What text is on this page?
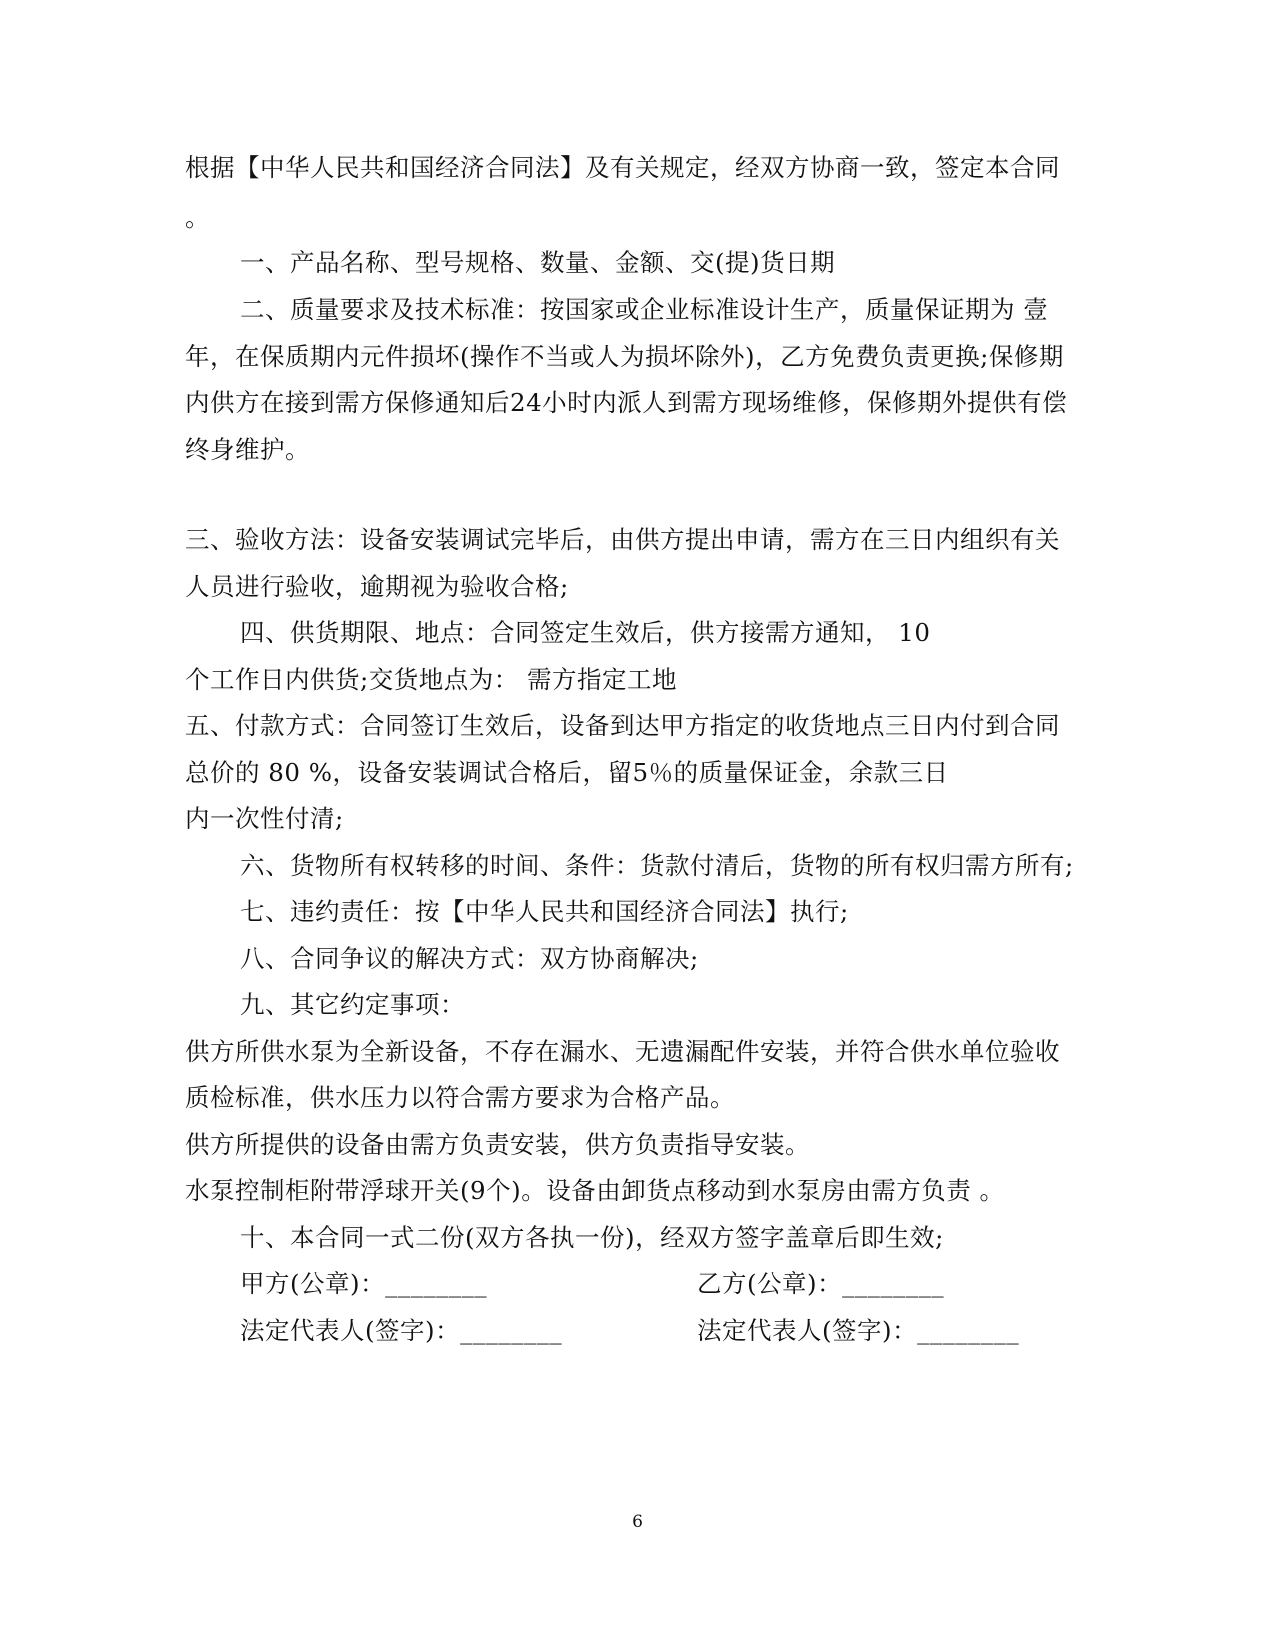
根据【中华人民共和国经济合同法】及有关规定，经双方协商一致，签定本合同
。
一、产品名称、型号规格、数量、金额、交(提)货日期
二、质量要求及技术标准：按国家或企业标准设计生产，质量保证期为 壹
年，在保质期内元件损坏(操作不当或人为损坏除外)，乙方免费负责更换;保修期
内供方在接到需方保修通知后24小时内派人到需方现场维修，保修期外提供有偿
终身维护。
三、验收方法：设备安装调试完毕后，由供方提出申请，需方在三日内组织有关
人员进行验收，逾期视为验收合格;
四、供货期限、地点：合同签定生效后，供方接需方通知， 10
个工作日内供货;交货地点为： 需方指定工地
五、付款方式：合同签订生效后，设备到达甲方指定的收货地点三日内付到合同
总价的 80 %，设备安装调试合格后，留5％的质量保证金，余款三日
内一次性付清;
六、货物所有权转移的时间、条件：货款付清后，货物的所有权归需方所有;
七、违约责任：按【中华人民共和国经济合同法】执行;
八、合同争议的解决方式：双方协商解决;
九、其它约定事项：
供方所供水泵为全新设备，不存在漏水、无遗漏配件安装，并符合供水单位验收
质检标准，供水压力以符合需方要求为合格产品。
供方所提供的设备由需方负责安装，供方负责指导安装。
水泵控制柜附带浮球开关(9个)。设备由卸货点移动到水泵房由需方负责 。
十、本合同一式二份(双方各执一份)，经双方签字盖章后即生效;
甲方(公章)：________	乙方(公章)：________
法定代表人(签字)：________	法定代表人(签字)：________
6
